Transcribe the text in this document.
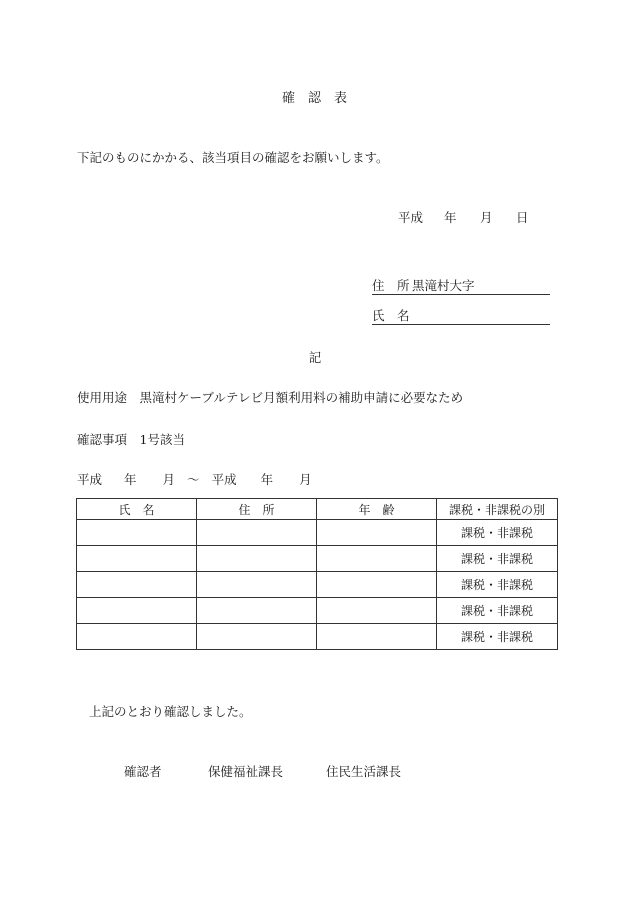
確 認 表
下記のものにかかる、該当項目の確認をお願いします。
平成 年 月 日
住　所 黒滝村大字
氏　名
記
使用用途　黒滝村ケーブルテレビ月額利用料の補助申請に必要なため
確認事項　1号該当
平成 年 月 〜 平成 年 月
氏　名	住　所	年　齢	課税・非課税の別
			課税・非課税
			課税・非課税
			課税・非課税
			課税・非課税
			課税・非課税
上記のとおり確認しました。
確認者	保健福祉課長	住民生活課長
